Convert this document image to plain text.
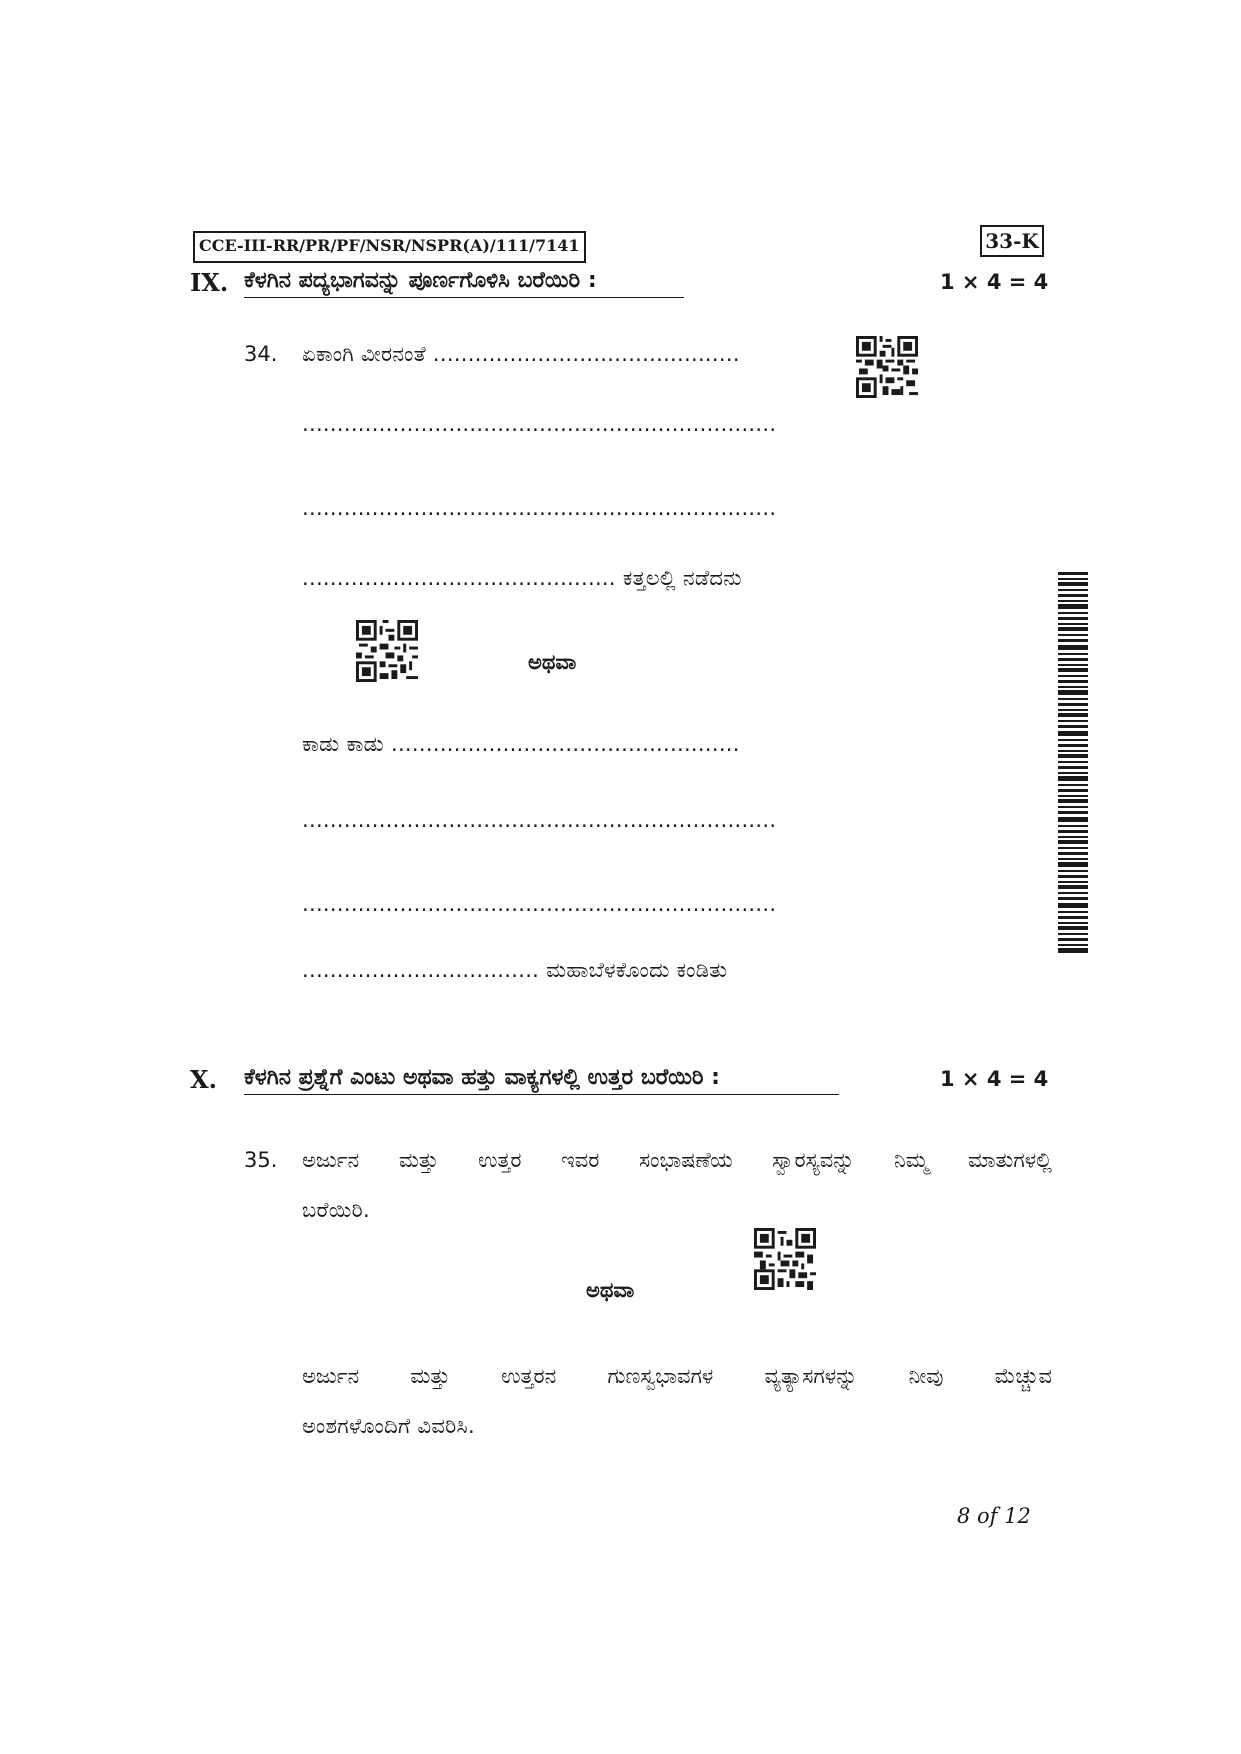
CCE-III-RR/PR/PF/NSR/NSPR(A)/111/7141	33-K
IX. ಕೆಳಗಿನ ಪದ್ಯಭಾಗವನ್ನು ಪೂರ್ಣಗೊಳಿಸಿ ಬರೆಯಿರಿ :	1 × 4 = 4
34. ಏಕಾಂಗಿ ವೀರನಂತೆ ............................................
....................................................................
....................................................................
............................................. ಕತ್ತಲಲ್ಲಿ ನಡೆದನು
ಅಥವಾ
ಕಾಡು ಕಾಡು ..................................................
....................................................................
....................................................................
.................................. ಮಹಾಬೆಳಕೊಂದು ಕಂಡಿತು
X. ಕೆಳಗಿನ ಪ್ರಶ್ನೆಗೆ ಎಂಟು ಅಥವಾ ಹತ್ತು ವಾಕ್ಯಗಳಲ್ಲಿ ಉತ್ತರ ಬರೆಯಿರಿ :	1 × 4 = 4
35. ಅರ್ಜುನ ಮತ್ತು ಉತ್ತರ ಇವರ ಸಂಭಾಷಣೆಯ ಸ್ವಾರಸ್ಯವನ್ನು ನಿಮ್ಮ ಮಾತುಗಳಲ್ಲಿ
ಬರೆಯಿರಿ.
ಅಥವಾ
ಅರ್ಜುನ ಮತ್ತು ಉತ್ತರನ ಗುಣಸ್ವಭಾವಗಳ ವ್ಯತ್ಯಾಸಗಳನ್ನು ನೀವು ಮೆಚ್ಚುವ
ಅಂಶಗಳೊಂದಿಗೆ ವಿವರಿಸಿ.
8 of 12
